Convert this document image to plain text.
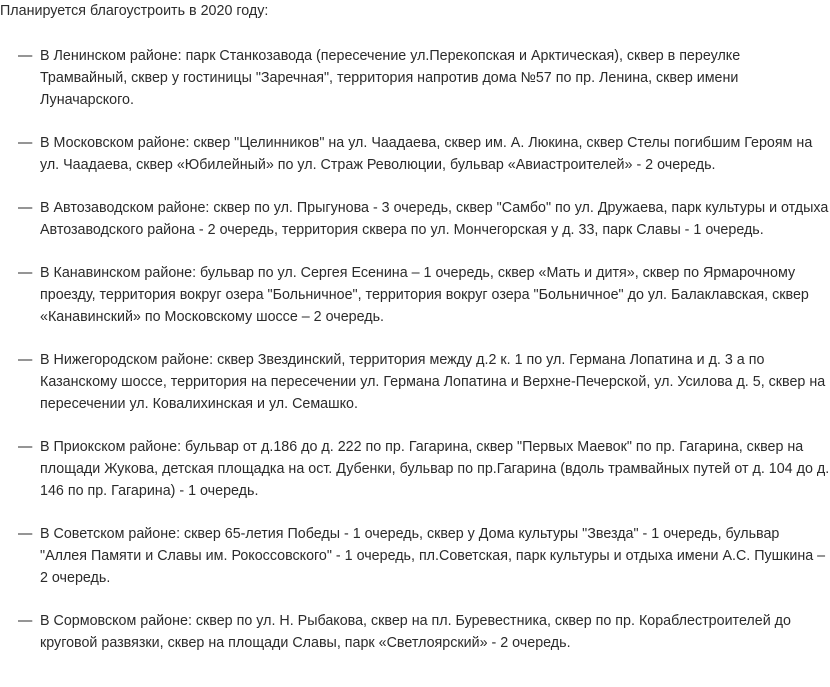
Планируется благоустроить в 2020 году:

— В Ленинском районе: парк Станкозавода (пересечение ул.Перекопская и Арктическая), сквер в переулке Трамвайный, сквер у гостиницы "Заречная", территория напротив дома №57 по пр. Ленина, сквер имени Луначарского.
— В Московском районе: сквер "Целинников" на ул. Чаадаева, сквер им. А. Люкина, сквер Стелы погибшим Героям на ул. Чаадаева, сквер «Юбилейный» по ул. Страж Революции, бульвар «Авиастроителей» - 2 очередь.
— В Автозаводском районе: сквер по ул. Прыгунова - 3 очередь, сквер "Самбо" по ул. Дружаева, парк культуры и отдыха Автозаводского района - 2 очередь, территория сквера по ул. Мончегорская у д. 33, парк Славы - 1 очередь.
— В Канавинском районе: бульвар по ул. Сергея Есенина – 1 очередь, сквер «Мать и дитя», сквер по Ярмарочному проезду, территория вокруг озера "Больничное", территория вокруг озера "Больничное" до ул. Балаклавская, сквер «Канавинский» по Московскому шоссе – 2 очередь.
— В Нижегородском районе: сквер Звездинский, территория между д.2 к. 1 по ул. Германа Лопатина и д. 3 а по Казанскому шоссе, территория на пересечении ул. Германа Лопатина и Верхне-Печерской, ул. Усилова д. 5, сквер на пересечении ул. Ковалихинская и ул. Семашко.
— В Приокском районе: бульвар от д.186 до д. 222 по пр. Гагарина, сквер "Первых Маевок" по пр. Гагарина, сквер на площади Жукова, детская площадка на ост. Дубенки, бульвар по пр.Гагарина (вдоль трамвайных путей от д. 104 до д. 146 по пр. Гагарина) - 1 очередь.
— В Советском районе: сквер 65-летия Победы - 1 очередь, сквер у Дома культуры "Звезда" - 1 очередь, бульвар "Аллея Памяти и Славы им. Рокоссовского" - 1 очередь, пл.Советская, парк культуры и отдыха имени А.С. Пушкина – 2 очередь.
— В Сормовском районе: сквер по ул. Н. Рыбакова, сквер на пл. Буревестника, сквер по пр. Кораблестроителей до круговой развязки, сквер на площади Славы, парк «Светлоярский» - 2 очередь.
